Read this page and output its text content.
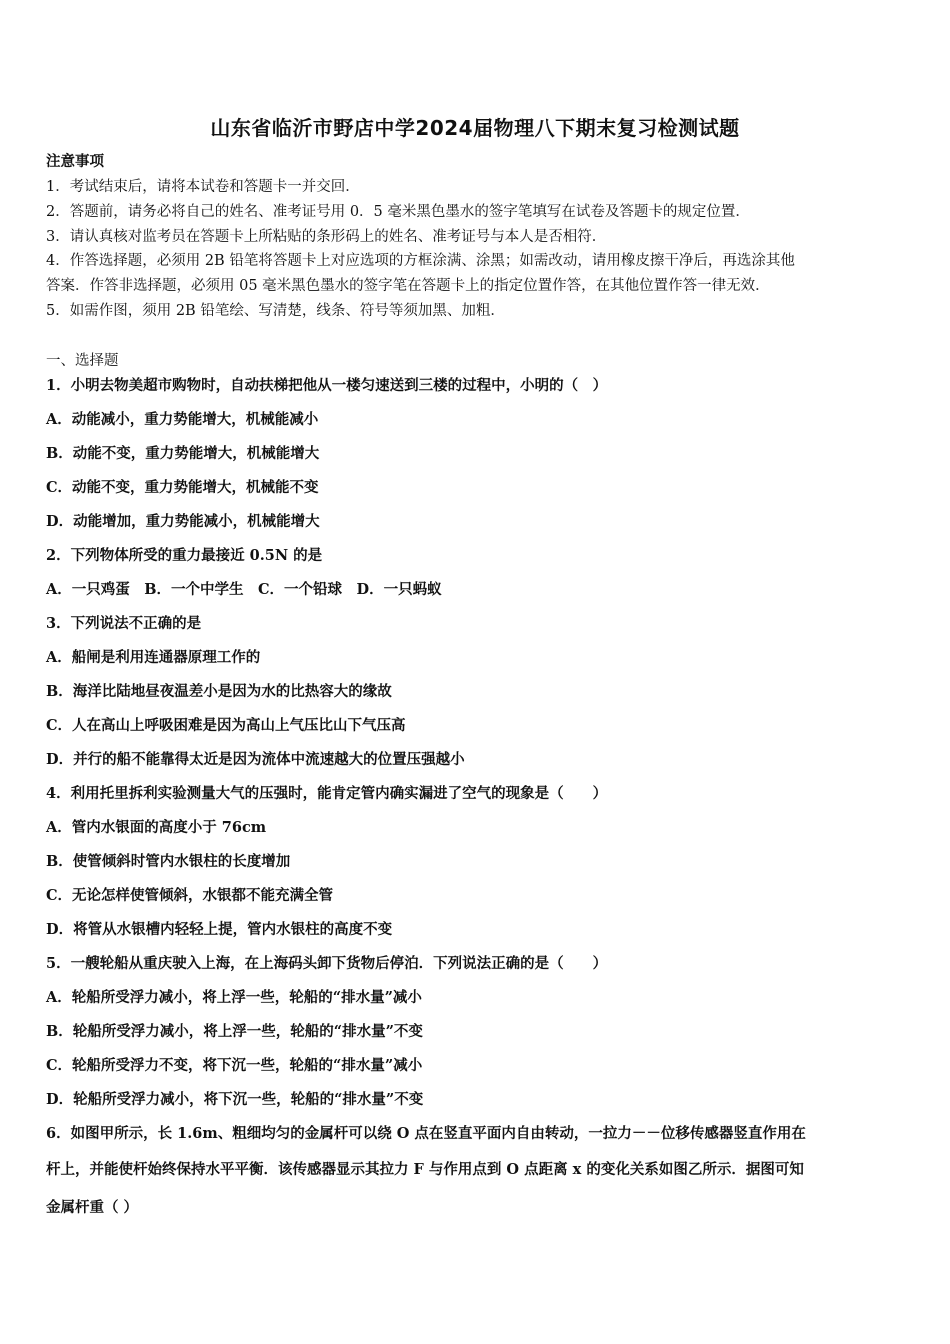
山东省临沂市野店中学2024届物理八下期末复习检测试题
注意事项
1．考试结束后，请将本试卷和答题卡一并交回．
2．答题前，请务必将自己的姓名、准考证号用 0．5 毫米黑色墨水的签字笔填写在试卷及答题卡的规定位置．
3．请认真核对监考员在答题卡上所粘贴的条形码上的姓名、准考证号与本人是否相符．
4．作答选择题，必须用 2B 铅笔将答题卡上对应选项的方框涂满、涂黑；如需改动，请用橡皮擦干净后，再选涂其他
答案．作答非选择题，必须用 05 毫米黑色墨水的签字笔在答题卡上的指定位置作答，在其他位置作答一律无效．
5．如需作图，须用 2B 铅笔绘、写清楚，线条、符号等须加黑、加粗．
一、选择题
1．小明去物美超市购物时，自动扶梯把他从一楼匀速送到三楼的过程中，小明的（　）
A．动能减小，重力势能增大，机械能减小
B．动能不变，重力势能增大，机械能增大
C．动能不变，重力势能增大，机械能不变
D．动能增加，重力势能减小，机械能增大
2．下列物体所受的重力最接近 0.5N 的是
A．一只鸡蛋　B．一个中学生　C．一个铅球　D．一只蚂蚁
3．下列说法不正确的是
A．船闸是利用连通器原理工作的
B．海洋比陆地昼夜温差小是因为水的比热容大的缘故
C．人在高山上呼吸困难是因为高山上气压比山下气压高
D．并行的船不能靠得太近是因为流体中流速越大的位置压强越小
4．利用托里拆利实验测量大气的压强时，能肯定管内确实漏进了空气的现象是（　　）
A．管内水银面的高度小于 76cm
B．使管倾斜时管内水银柱的长度增加
C．无论怎样使管倾斜，水银都不能充满全管
D．将管从水银槽内轻轻上提，管内水银柱的高度不变
5．一艘轮船从重庆驶入上海，在上海码头卸下货物后停泊．下列说法正确的是（　　）
A．轮船所受浮力减小，将上浮一些，轮船的“排水量”减小
B．轮船所受浮力减小，将上浮一些，轮船的“排水量”不变
C．轮船所受浮力不变，将下沉一些，轮船的“排水量”减小
D．轮船所受浮力减小，将下沉一些，轮船的“排水量”不变
6．如图甲所示，长 1.6m、粗细均匀的金属杆可以绕 O 点在竖直平面内自由转动，一拉力－－位移传感器竖直作用在
杆上，并能使杆始终保持水平平衡．该传感器显示其拉力 F 与作用点到 O 点距离 x 的变化关系如图乙所示．据图可知
金属杆重（ ）
